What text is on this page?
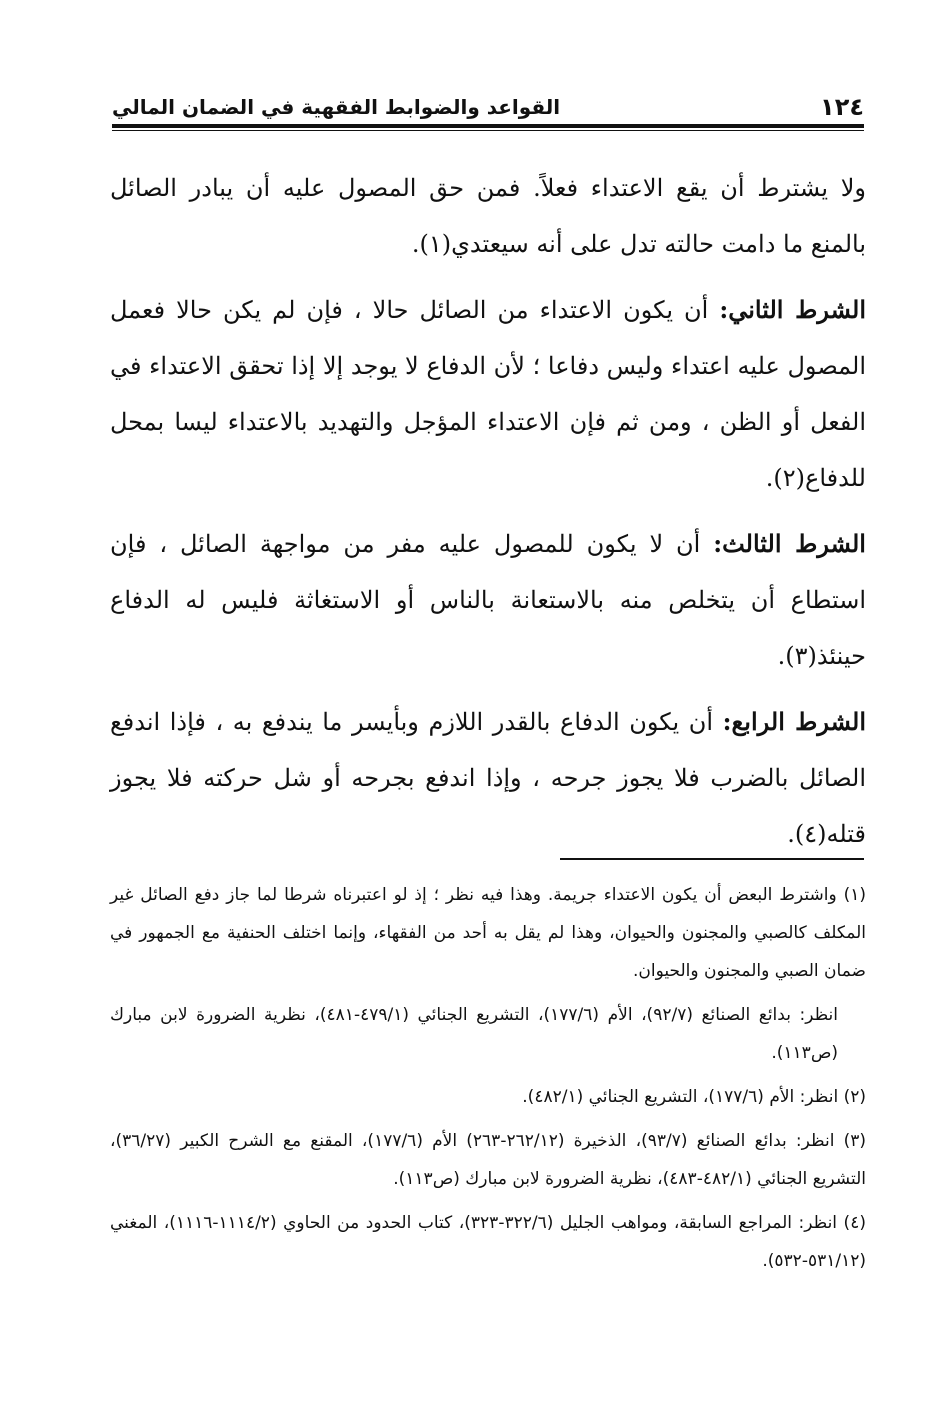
١٢٤
القواعد والضوابط الفقهية في الضمان المالي

ولا يشترط أن يقع الاعتداء فعلاً. فمن حق المصول عليه أن يبادر الصائل بالمنع ما دامت حالته تدل على أنه سيعتدي(١).

الشرط الثاني: أن يكون الاعتداء من الصائل حالا ، فإن لم يكن حالا فعمل المصول عليه اعتداء وليس دفاعا ؛ لأن الدفاع لا يوجد إلا إذا تحقق الاعتداء في الفعل أو الظن ، ومن ثم فإن الاعتداء المؤجل والتهديد بالاعتداء ليسا بمحل للدفاع(٢).

الشرط الثالث: أن لا يكون للمصول عليه مفر من مواجهة الصائل ، فإن استطاع أن يتخلص منه بالاستعانة بالناس أو الاستغاثة فليس له الدفاع حينئذ(٣).

الشرط الرابع: أن يكون الدفاع بالقدر اللازم وبأيسر ما يندفع به ، فإذا اندفع الصائل بالضرب فلا يجوز جرحه ، وإذا اندفع بجرحه أو شل حركته فلا يجوز قتله(٤).

(١) واشترط البعض أن يكون الاعتداء جريمة. وهذا فيه نظر ؛ إذ لو اعتبرناه شرطا لما جاز دفع الصائل غير المكلف كالصبي والمجنون والحيوان، وهذا لم يقل به أحد من الفقهاء، وإنما اختلف الحنفية مع الجمهور في ضمان الصبي والمجنون والحيوان.

انظر: بدائع الصنائع (٩٢/٧)، الأم (١٧٧/٦)، التشريع الجنائي (٤٧٩/١-٤٨١)، نظرية الضرورة لابن مبارك (ص١١٣).

(٢) انظر: الأم (١٧٧/٦)، التشريع الجنائي (٤٨٢/١).

(٣) انظر: بدائع الصنائع (٩٣/٧)، الذخيرة (٢٦٢/١٢-٢٦٣) الأم (١٧٧/٦)، المقنع مع الشرح الكبير (٣٦/٢٧)، التشريع الجنائي (٤٨٢/١-٤٨٣)، نظرية الضرورة لابن مبارك (ص١١٣).

(٤) انظر: المراجع السابقة، ومواهب الجليل (٣٢٢/٦-٣٢٣)، كتاب الحدود من الحاوي (١١١٤/٢-١١١٦)، المغني (٥٣١/١٢-٥٣٢).
